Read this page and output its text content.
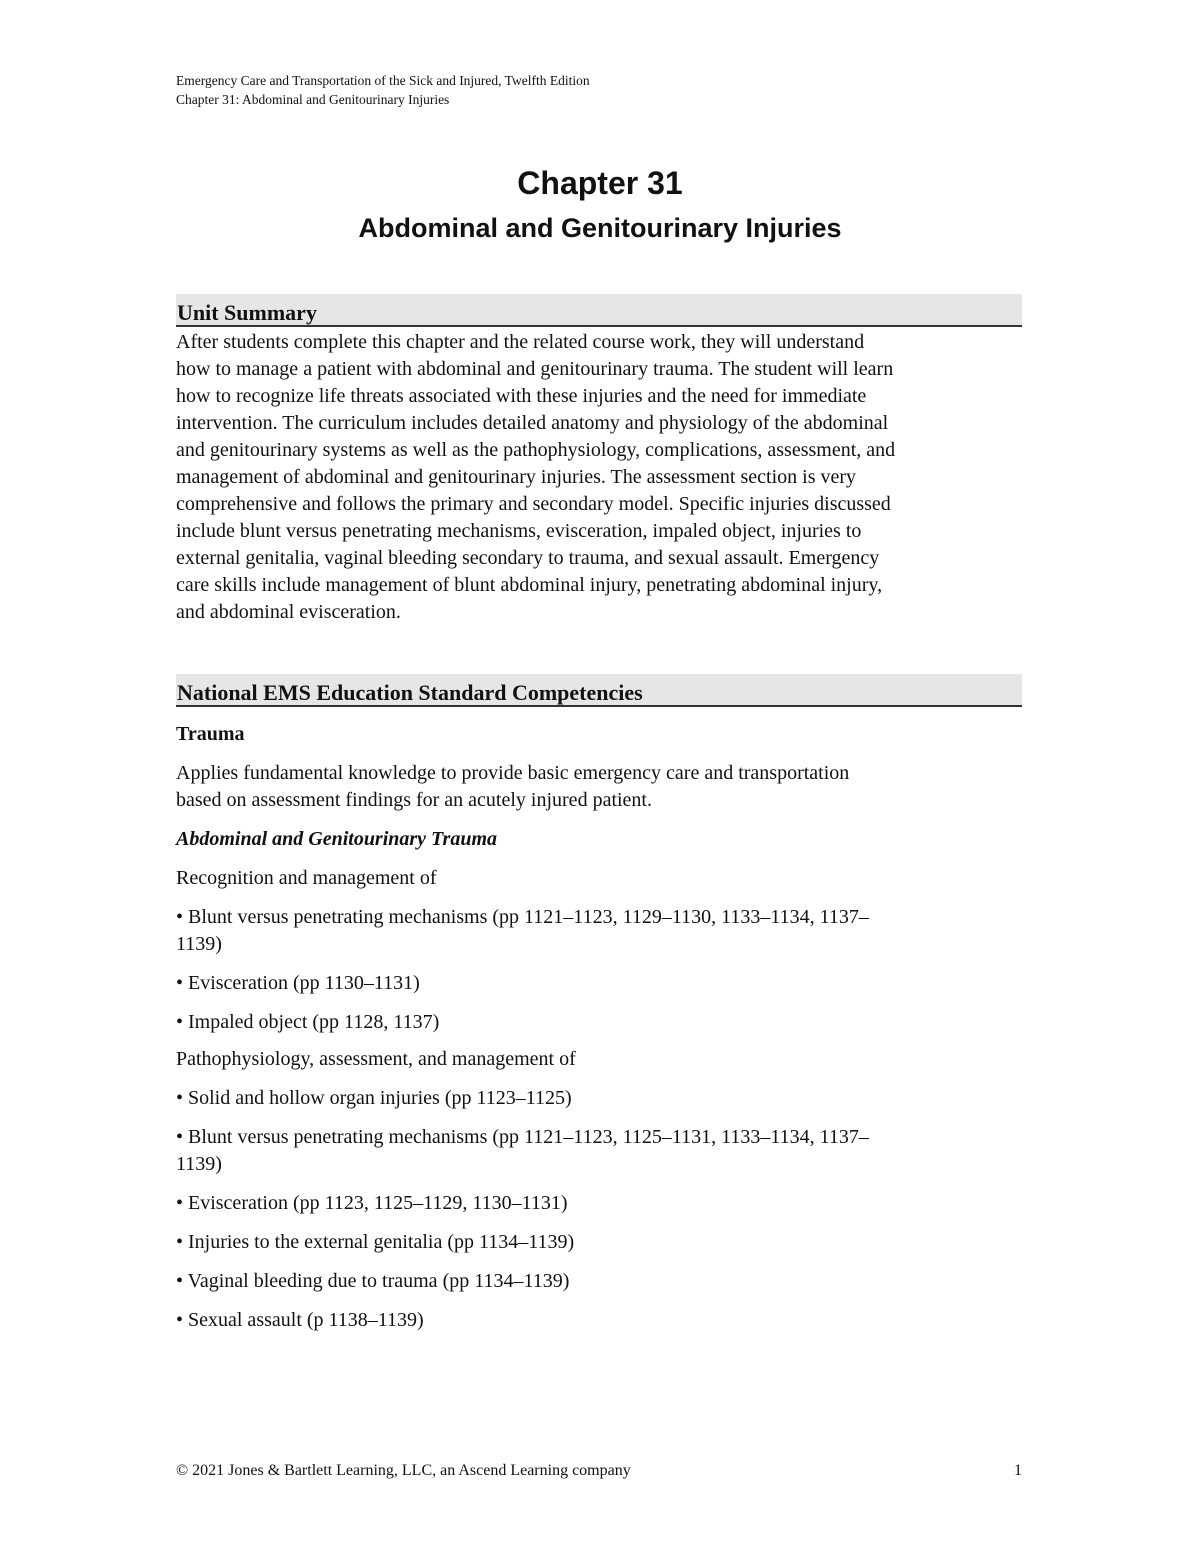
Emergency Care and Transportation of the Sick and Injured, Twelfth Edition
Chapter 31: Abdominal and Genitourinary Injuries
Chapter 31
Abdominal and Genitourinary Injuries
Unit Summary
After students complete this chapter and the related course work, they will understand
how to manage a patient with abdominal and genitourinary trauma. The student will learn
how to recognize life threats associated with these injuries and the need for immediate
intervention. The curriculum includes detailed anatomy and physiology of the abdominal
and genitourinary systems as well as the pathophysiology, complications, assessment, and
management of abdominal and genitourinary injuries. The assessment section is very
comprehensive and follows the primary and secondary model. Specific injuries discussed
include blunt versus penetrating mechanisms, evisceration, impaled object, injuries to
external genitalia, vaginal bleeding secondary to trauma, and sexual assault. Emergency
care skills include management of blunt abdominal injury, penetrating abdominal injury,
and abdominal evisceration.
National EMS Education Standard Competencies
Trauma
Applies fundamental knowledge to provide basic emergency care and transportation
based on assessment findings for an acutely injured patient.
Abdominal and Genitourinary Trauma
Recognition and management of
• Blunt versus penetrating mechanisms (pp 1121–1123, 1129–1130, 1133–1134, 1137–
1139)
• Evisceration (pp 1130–1131)
• Impaled object (pp 1128, 1137)
Pathophysiology, assessment, and management of
• Solid and hollow organ injuries (pp 1123–1125)
• Blunt versus penetrating mechanisms (pp 1121–1123, 1125–1131, 1133–1134, 1137–
1139)
• Evisceration (pp 1123, 1125–1129, 1130–1131)
• Injuries to the external genitalia (pp 1134–1139)
• Vaginal bleeding due to trauma (pp 1134–1139)
• Sexual assault (p 1138–1139)
© 2021 Jones & Bartlett Learning, LLC, an Ascend Learning company	1
